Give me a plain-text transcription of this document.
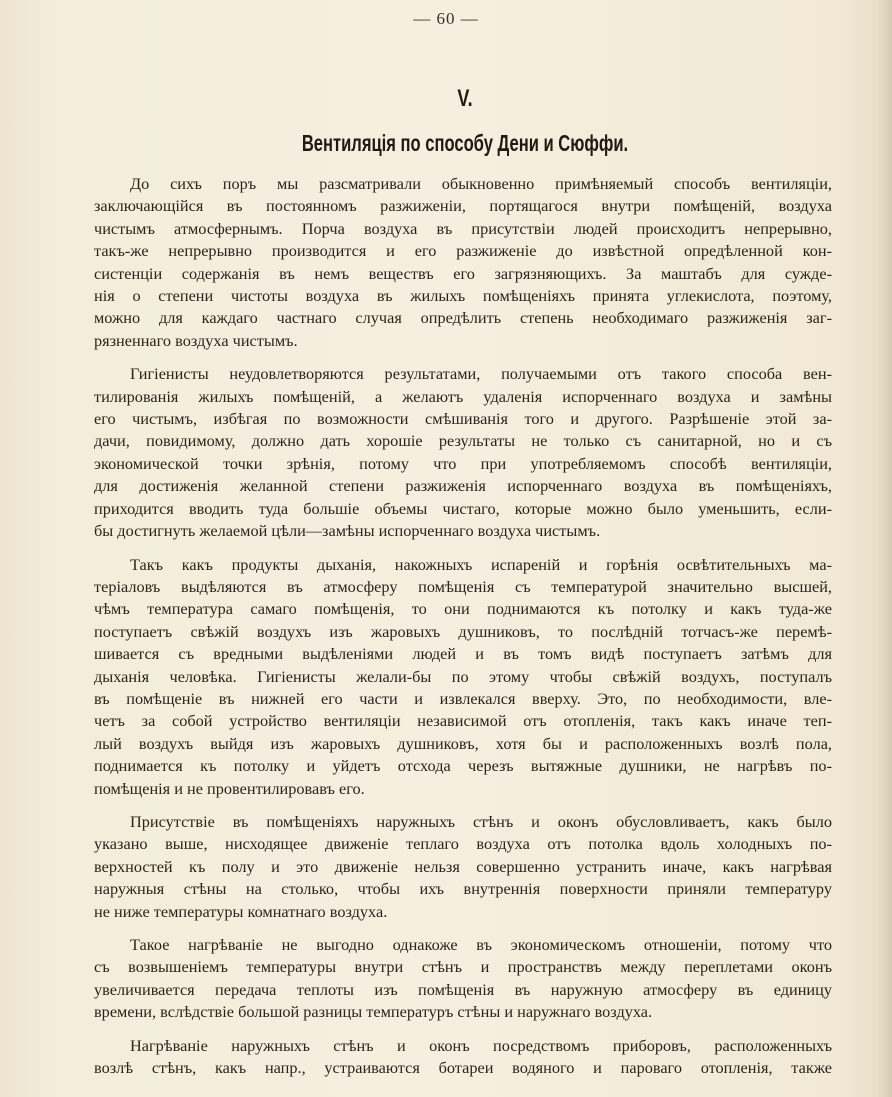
— 60 —
V.
Вентиляція по способу Дени и Сюффи.
До сихъ поръ мы разсматривали обыкновенно примѣняемый способъ вентиляціи,
заключающійся въ постоянномъ разжиженіи, портящагося внутри помѣщеній, воздуха
чистымъ атмосфернымъ. Порча воздуха въ присутствіи людей происходитъ непрерывно,
такъ-же непрерывно производится и его разжиженіе до извѣстной опредѣленной кон-
систенціи содержанія въ немъ веществъ его загрязняющихъ. За маштабъ для сужде-
нія о степени чистоты воздуха въ жилыхъ помѣщеніяхъ принята углекислота, поэтому,
можно для каждаго частнаго случая опредѣлить степень необходимаго разжиженія заг-
рязненнаго воздуха чистымъ.
Гигіенисты неудовлетворяются результатами, получаемыми отъ такого способа вен-
тилированія жилыхъ помѣщеній, а желаютъ удаленія испорченнаго воздуха и замѣны
его чистымъ, избѣгая по возможности смѣшиванія того и другого. Разрѣшеніе этой за-
дачи, повидимому, должно дать хорошіе результаты не только съ санитарной, но и съ
экономической точки зрѣнія, потому что при употребляемомъ способѣ вентиляціи,
для достиженія желанной степени разжиженія испорченнаго воздуха въ помѣщеніяхъ,
приходится вводить туда большіе объемы чистаго, которые можно было уменьшить, если-
бы достигнуть желаемой цѣли—замѣны испорченнаго воздуха чистымъ.
Такъ какъ продукты дыханія, накожныхъ испареній и горѣнія освѣтительныхъ ма-
теріаловъ выдѣляются въ атмосферу помѣщенія съ температурой значительно высшей,
чѣмъ температура самаго помѣщенія, то они поднимаются къ потолку и какъ туда-же
поступаетъ свѣжій воздухъ изъ жаровыхъ душниковъ, то послѣдній тотчасъ-же перемѣ-
шивается съ вредными выдѣленіями людей и въ томъ видѣ поступаетъ затѣмъ для
дыханія человѣка. Гигіенисты желали-бы по этому чтобы свѣжій воздухъ, поступалъ
въ помѣщеніе въ нижней его части и извлекался вверху. Это, по необходимости, вле-
четъ за собой устройство вентиляціи независимой отъ отопленія, такъ какъ иначе теп-
лый воздухъ выйдя изъ жаровыхъ душниковъ, хотя бы и расположенныхъ возлѣ пола,
поднимается къ потолку и уйдетъ отсхода черезъ вытяжные душники, не нагрѣвъ по-
помѣщенія и не провентилировавъ его.
Присутствіе въ помѣщеніяхъ наружныхъ стѣнъ и оконъ обусловливаетъ, какъ было
указано выше, нисходящее движеніе теплаго воздуха отъ потолка вдоль холодныхъ по-
верхностей къ полу и это движеніе нельзя совершенно устранить иначе, какъ нагрѣвая
наружныя стѣны на столько, чтобы ихъ внутреннія поверхности приняли температуру
не ниже температуры комнатнаго воздуха.
Такое нагрѣваніе не выгодно однакоже въ экономическомъ отношеніи, потому что
съ возвышеніемъ температуры внутри стѣнъ и пространствъ между переплетами оконъ
увеличивается передача теплоты изъ помѣщенія въ наружную атмосферу въ единицу
времени, вслѣдствіе большой разницы температуръ стѣны и наружнаго воздуха.
Нагрѣваніе наружныхъ стѣнъ и оконъ посредствомъ приборовъ, расположенныхъ
возлѣ стѣнъ, какъ напр., устраиваются ботареи водяного и пароваго отопленія, также
